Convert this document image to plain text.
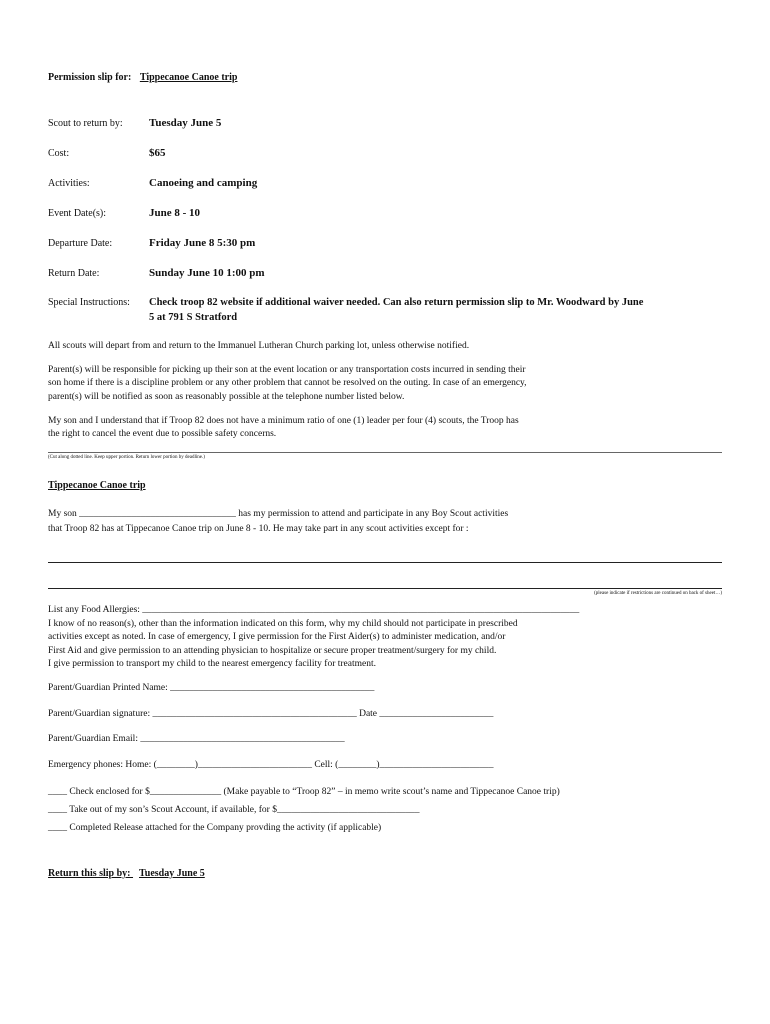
Permission slip for: Tippecanoe Canoe trip
Scout to return by: Tuesday June 5
Cost:	$65
Activities:	Canoeing and camping
Event Date(s):	June 8 - 10
Departure Date:	Friday June 8 5:30 pm
Return Date:	Sunday June 10 1:00 pm
Special Instructions: Check troop 82 website if additional waiver needed. Can also return permission slip to Mr. Woodward by June
5 at 791 S Stratford
All scouts will depart from and return to the Immanuel Lutheran Church parking lot, unless otherwise notified.
Parent(s) will be responsible for picking up their son at the event location or any transportation costs incurred in sending their
son home if there is a discipline problem or any other problem that cannot be resolved on the outing. In case of an emergency,
parent(s) will be notified as soon as reasonably possible at the telephone number listed below.
My son and I understand that if Troop 82 does not have a minimum ratio of one (1) leader per four (4) scouts, the Troop has
the right to cancel the event due to possible safety concerns.
(Cut along dotted line. Keep upper portion. Return lower portion by deadline.)
Tippecanoe Canoe trip
My son _________________________________ has my permission to attend and participate in any Boy Scout activities
that Troop 82 has at Tippecanoe Canoe trip on June 8 - 10. He may take part in any scout activities except for :
(please indicate if restrictions are continued on back of sheet…)
List any Food Allergies: ____________________________________________________________________________________________
I know of no reason(s), other than the information indicated on this form, why my child should not participate in prescribed
activities except as noted. In case of emergency, I give permission for the First Aider(s) to administer medication, and/or
First Aid and give permission to an attending physician to hospitalize or secure proper treatment/surgery for my child.
I give permission to transport my child to the nearest emergency facility for treatment.
Parent/Guardian Printed Name: ___________________________________________
Parent/Guardian signature: ___________________________________________ Date ________________________
Parent/Guardian Email: ___________________________________________
Emergency phones: Home: (________)________________________ Cell: (________)________________________
____ Check enclosed for $_______________ (Make payable to “Troop 82” – in memo write scout’s name and Tippecanoe Canoe trip)
____ Take out of my son’s Scout Account, if available, for $______________________________
____ Completed Release attached for the Company provding the activity (if applicable)
Return this slip by: Tuesday June 5
